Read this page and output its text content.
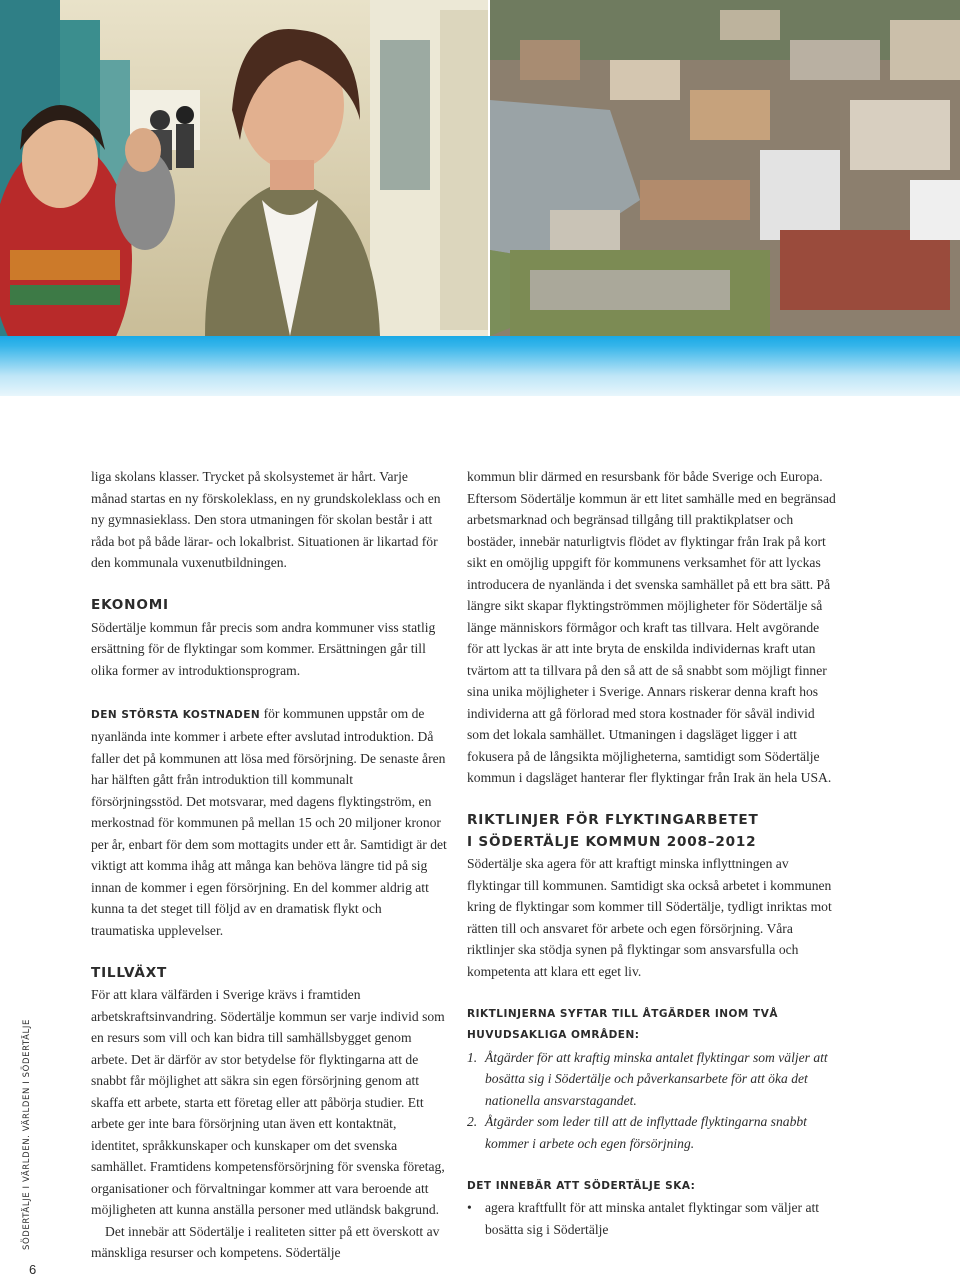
liga skolans klasser. Trycket på skolsystemet är hårt. Varje månad startas en ny förskoleklass, en ny grundskoleklass och en ny gymnasieklass. Den stora utmaningen för skolan består i att råda bot på både lärar- och lokalbrist. Situationen är likartad för den kommunala vuxenutbildningen.

EKONOMI

Södertälje kommun får precis som andra kommuner viss statlig ersättning för de flyktingar som kommer. Ersättningen går till olika former av introduktionsprogram.

DEN STÖRSTA KOSTNADEN för kommunen uppstår om de nyanlända inte kommer i arbete efter avslutad introduktion. Då faller det på kommunen att lösa med försörjning. De senaste åren har hälften gått från introduktion till kommunalt försörjningsstöd. Det motsvarar, med dagens flyktingström, en merkostnad för kommunen på mellan 15 och 20 miljoner kronor per år, enbart för dem som mottagits under ett år. Samtidigt är det viktigt att komma ihåg att många kan behöva längre tid på sig innan de kommer i egen försörjning. En del kommer aldrig att kunna ta det steget till följd av en dramatisk flykt och traumatiska upplevelser.

TILLVÄXT

För att klara välfärden i Sverige krävs i framtiden arbetskraftsinvandring. Södertälje kommun ser varje individ som en resurs som vill och kan bidra till samhällsbygget genom arbete. Det är därför av stor betydelse för flyktingarna att de snabbt får möjlighet att säkra sin egen försörjning genom att skaffa ett arbete, starta ett företag eller att påbörja studier. Ett arbete ger inte bara försörjning utan även ett kontaktnät, identitet, språkkunskaper och kunskaper om det svenska samhället. Framtidens kompetensförsörjning för svenska företag, organisationer och förvaltningar kommer att vara beroende att möjligheten att kunna anställa personer med utländsk bakgrund.

Det innebär att Södertälje i realiteten sitter på ett överskott av mänskliga resurser och kompetens. Södertälje

kommun blir därmed en resursbank för både Sverige och Europa. Eftersom Södertälje kommun är ett litet samhälle med en begränsad arbetsmarknad och begränsad tillgång till praktikplatser och bostäder, innebär naturligtvis flödet av flyktingar från Irak på kort sikt en omöjlig uppgift för kommunens verksamhet för att lyckas introducera de nyanlända i det svenska samhället på ett bra sätt. På längre sikt skapar flyktingströmmen möjligheter för Södertälje så länge människors förmågor och kraft tas tillvara. Helt avgörande för att lyckas är att inte bryta de enskilda individernas kraft utan tvärtom att ta tillvara på den så att de så snabbt som möjligt finner sina unika möjligheter i Sverige. Annars riskerar denna kraft hos individerna att gå förlorad med stora kostnader för såväl individ som det lokala samhället. Utmaningen i dagsläget ligger i att fokusera på de långsikta möjligheterna, samtidigt som Södertälje kommun i dagsläget hanterar fler flyktingar från Irak än hela USA.

RIKTLINJER FÖR FLYKTINGARBETET
I SÖDERTÄLJE KOMMUN 2008–2012

Södertälje ska agera för att kraftigt minska inflyttningen av flyktingar till kommunen. Samtidigt ska också arbetet i kommunen kring de flyktingar som kommer till Södertälje, tydligt inriktas mot rätten till och ansvaret för arbete och egen försörjning. Våra riktlinjer ska stödja synen på flyktingar som ansvarsfulla och kompetenta att klara ett eget liv.

RIKTLINJERNA SYFTAR TILL ÅTGÄRDER INOM TVÅ HUVUDSAKLIGA OMRÅDEN:

1. Åtgärder för att kraftig minska antalet flyktingar som väljer att bosätta sig i Södertälje och påverkansarbete för att öka det nationella ansvarstagandet.
2. Åtgärder som leder till att de inflyttade flyktingarna snabbt kommer i arbete och egen försörjning.

DET INNEBÄR ATT SÖDERTÄLJE SKA:

• agera kraftfullt för att minska antalet flyktingar som väljer att bosätta sig i Södertälje
SÖDERTÄLJE I VÄRLDEN. VÄRLDEN I SÖDERTÄLJE
6
